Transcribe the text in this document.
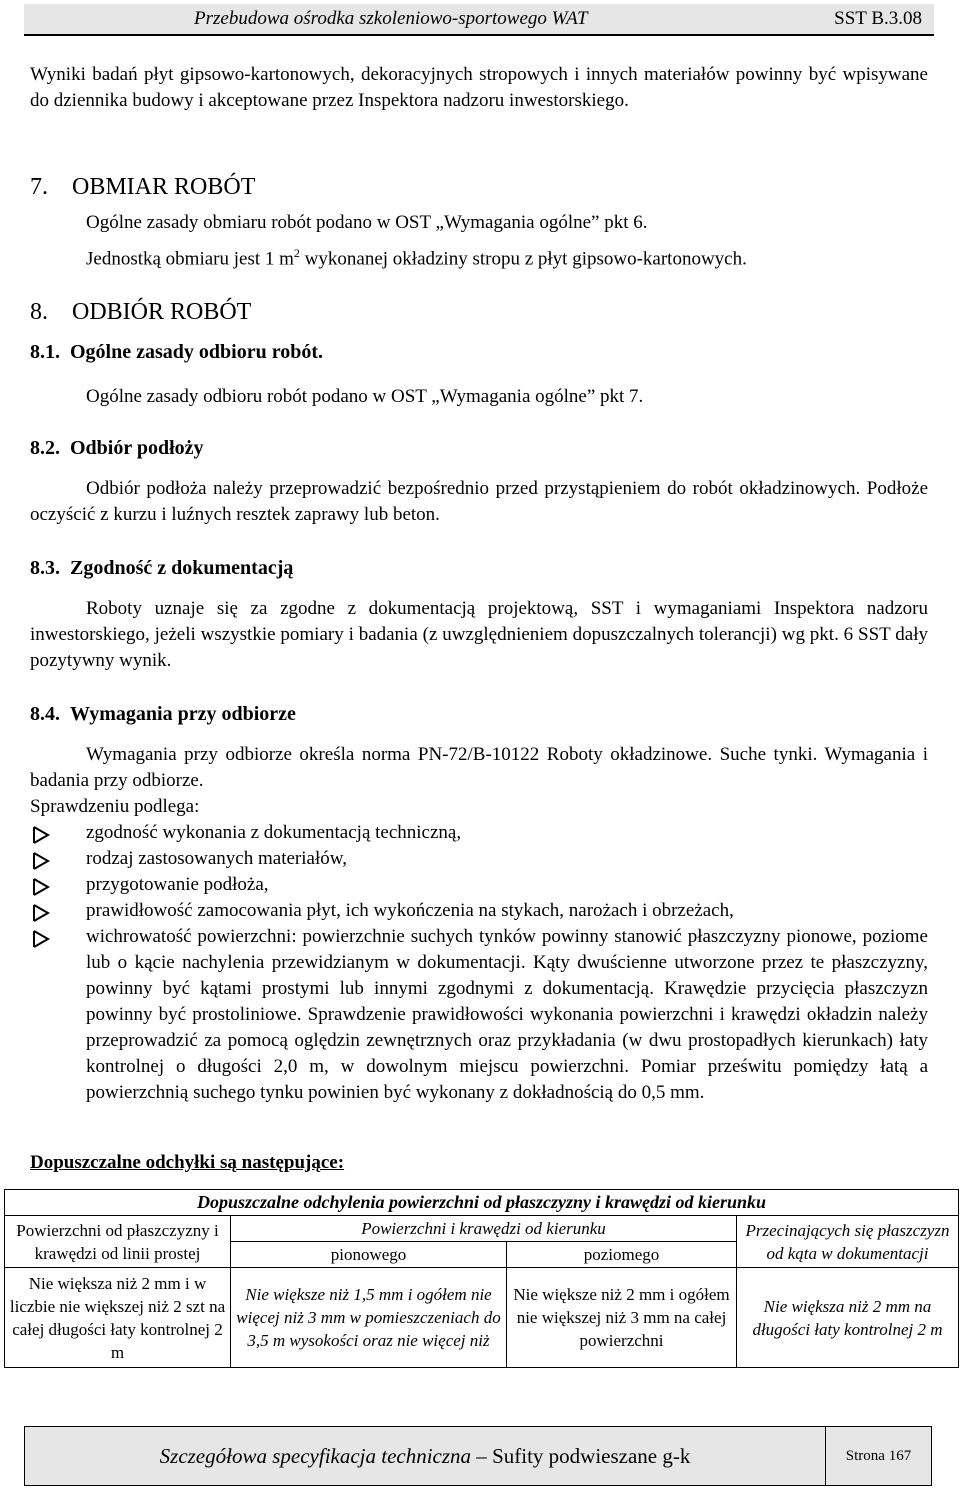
Przebudowa ośrodka szkoleniowo-sportowego WAT	SST B.3.08
Wyniki badań płyt gipsowo-kartonowych, dekoracyjnych stropowych i innych materiałów powinny być wpisywane do dziennika budowy i akceptowane przez Inspektora nadzoru inwestorskiego.
7. OBMIAR ROBÓT
Ogólne zasady obmiaru robót podano w OST „Wymagania ogólne” pkt 6.
Jednostką obmiaru jest 1 $m^2$ wykonanej okładziny stropu z płyt gipsowo-kartonowych.
8. ODBIÓR ROBÓT
8.1. Ogólne zasady odbioru robót.
Ogólne zasady odbioru robót podano w OST „Wymagania ogólne” pkt 7.
8.2. Odbiór podłoży
Odbiór podłoża należy przeprowadzić bezpośrednio przed przystąpieniem do robót okładzinowych. Podłoże oczyścić z kurzu i luźnych resztek zaprawy lub beton.
8.3. Zgodność z dokumentacją
Roboty uznaje się za zgodne z dokumentacją projektową, SST i wymaganiami Inspektora nadzoru inwestorskiego, jeżeli wszystkie pomiary i badania (z uwzględnieniem dopuszczalnych tolerancji) wg pkt. 6 SST dały pozytywny wynik.
8.4. Wymagania przy odbiorze
Wymagania przy odbiorze określa norma PN-72/B-10122 Roboty okładzinowe. Suche tynki. Wymagania i badania przy odbiorze.
Sprawdzeniu podlega:
zgodność wykonania z dokumentacją techniczną,
rodzaj zastosowanych materiałów,
przygotowanie podłoża,
prawidłowość zamocowania płyt, ich wykończenia na stykach, narożach i obrzeżach,
wichrowatość powierzchni: powierzchnie suchych tynków powinny stanowić płaszczyzny pionowe, poziome lub o kącie nachylenia przewidzianym w dokumentacji. Kąty dwuścienne utworzone przez te płaszczyzny, powinny być kątami prostymi lub innymi zgodnymi z dokumentacją. Krawędzie przycięcia płaszczyzn powinny być prostoliniowe. Sprawdzenie prawidłowości wykonania powierzchni i krawędzi okładzin należy przeprowadzić za pomocą oględzin zewnętrznych oraz przykładania (w dwu prostopadłych kierunkach) łaty kontrolnej o długości 2,0 m, w dowolnym miejscu powierzchni. Pomiar prześwitu pomiędzy łatą a powierzchnią suchego tynku powinien być wykonany z dokładnością do 0,5 mm.
Dopuszczalne odchyłki są następujące:
Dopuszczalne odchylenia powierzchni od płaszczyzny i krawędzi od kierunku			
Powierzchni od płaszczyzny i krawędzi od linii prostej	Powierzchni i krawędzi od kierunku		Przecinających się płaszczyzn od kąta w dokumentacji
	pionowego	poziomego	
Nie większa niż 2 mm i w liczbie nie większej niż 2 szt na całej długości łaty kontrolnej 2 m	Nie większe niż 1,5 mm i ogółem nie więcej niż 3 mm w pomieszczeniach do 3,5 m wysokości oraz nie więcej niż	Nie większe niż 2 mm i ogółem nie większej niż 3 mm na całej powierzchni	Nie większa niż 2 mm na długości łaty kontrolnej 2 m
Szczegółowa specyfikacja techniczna – Sufity podwieszane g-k	Strona 167
